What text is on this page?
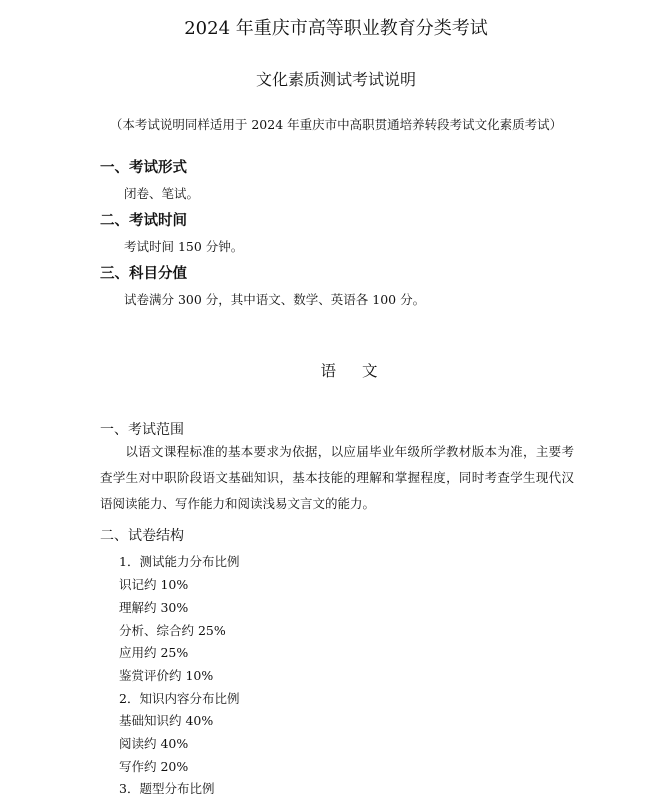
2024 年重庆市高等职业教育分类考试
文化素质测试考试说明
（本考试说明同样适用于 2024 年重庆市中高职贯通培养转段考试文化素质考试）
一、考试形式
闭卷、笔试。
二、考试时间
考试时间 150 分钟。
三、科目分值
试卷满分 300 分，其中语文、数学、英语各 100 分。
语文
一、考试范围
以语文课程标准的基本要求为依据，以应届毕业年级所学教材版本为准，主要考查学生对中职阶段语文基础知识，基本技能的理解和掌握程度，同时考查学生现代汉语阅读能力、写作能力和阅读浅易文言文的能力。
二、试卷结构
1．测试能力分布比例
识记约 10%
理解约 30%
分析、综合约 25%
应用约 25%
鉴赏评价约 10%
2．知识内容分布比例
基础知识约 40%
阅读约 40%
写作约 20%
3．题型分布比例
